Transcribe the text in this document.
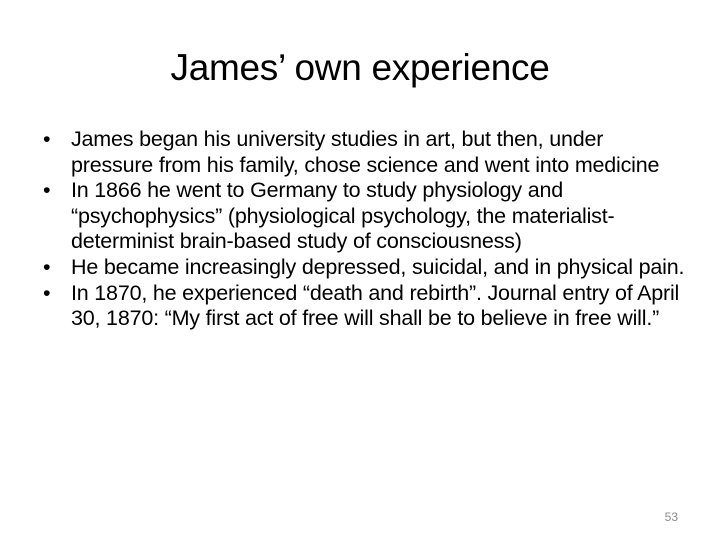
James’ own experience
• James began his university studies in art, but then, under pressure from his family, chose science and went into medicine
• In 1866 he went to Germany to study physiology and “psychophysics” (physiological psychology, the materialist-determinist brain-based study of consciousness)
• He became increasingly depressed, suicidal, and in physical pain.
• In 1870, he experienced “death and rebirth”. Journal entry of April 30, 1870: “My first act of free will shall be to believe in free will.”
53
